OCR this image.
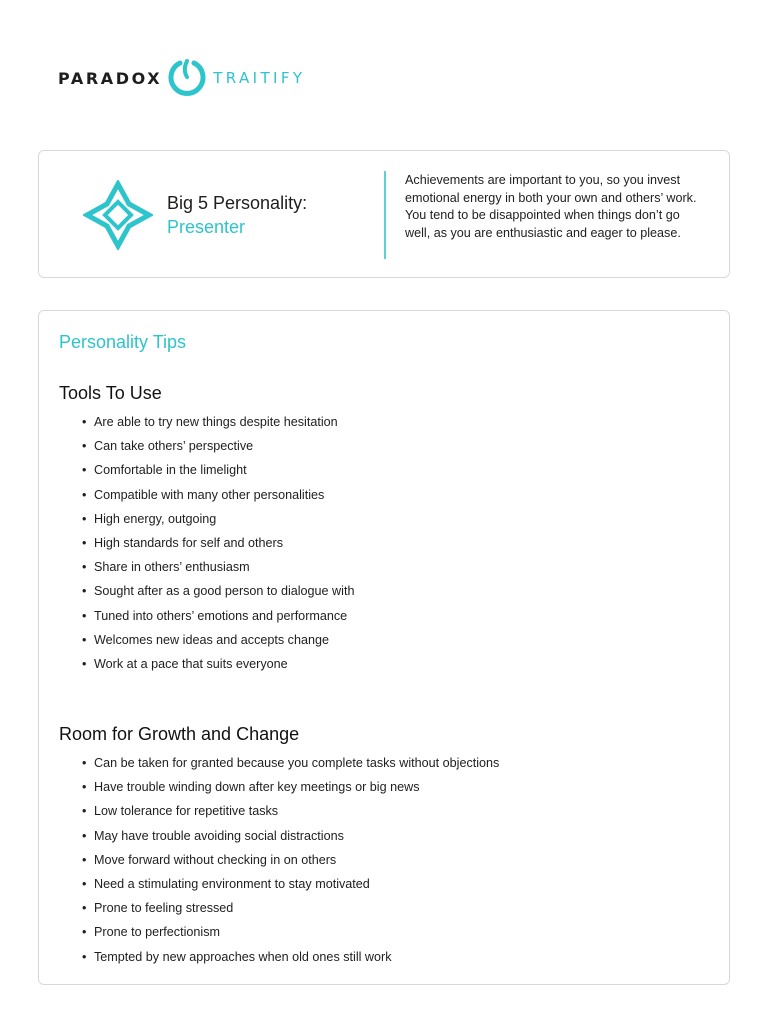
PARADOX	TRAITIFY
Big 5 Personality:
Presenter

Achievements are important to you, so you invest emotional energy in both your own and others’ work. You tend to be disappointed when things don’t go well, as you are enthusiastic and eager to please.

Personality Tips
Tools To Use
• Are able to try new things despite hesitation
• Can take others’ perspective
• Comfortable in the limelight
• Compatible with many other personalities
• High energy, outgoing
• High standards for self and others
• Share in others’ enthusiasm
• Sought after as a good person to dialogue with
• Tuned into others’ emotions and performance
• Welcomes new ideas and accepts change
• Work at a pace that suits everyone
Room for Growth and Change
• Can be taken for granted because you complete tasks without objections
• Have trouble winding down after key meetings or big news
• Low tolerance for repetitive tasks
• May have trouble avoiding social distractions
• Move forward without checking in on others
• Need a stimulating environment to stay motivated
• Prone to feeling stressed
• Prone to perfectionism
• Tempted by new approaches when old ones still work
